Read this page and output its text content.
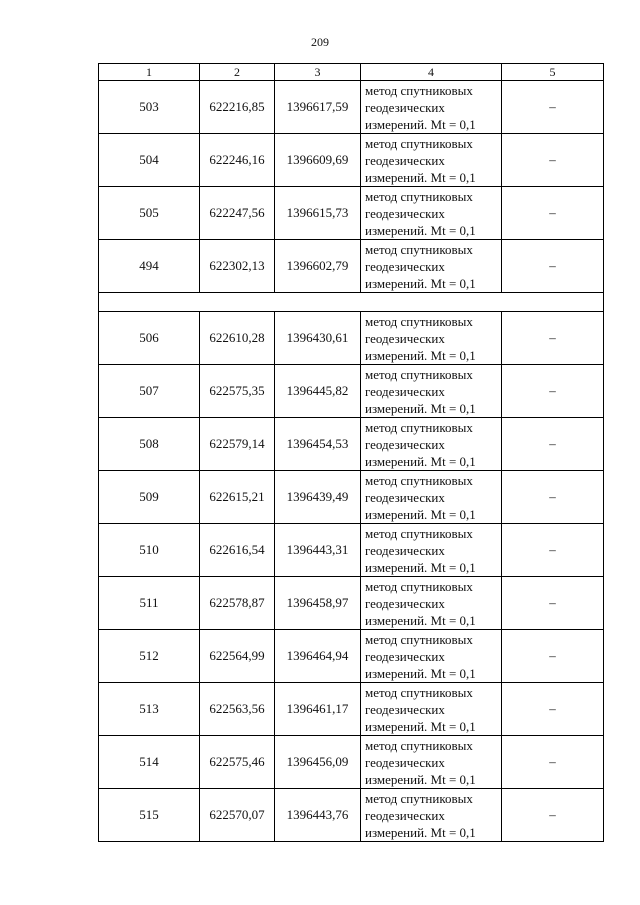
209
1	2	3	4	5
503	622216,85	1396617,59	метод спутниковых геодезических измерений. Mt = 0,1	–
504	622246,16	1396609,69	метод спутниковых геодезических измерений. Mt = 0,1	–
505	622247,56	1396615,73	метод спутниковых геодезических измерений. Mt = 0,1	–
494	622302,13	1396602,79	метод спутниковых геодезических измерений. Mt = 0,1	–

506	622610,28	1396430,61	метод спутниковых геодезических измерений. Mt = 0,1	–
507	622575,35	1396445,82	метод спутниковых геодезических измерений. Mt = 0,1	–
508	622579,14	1396454,53	метод спутниковых геодезических измерений. Mt = 0,1	–
509	622615,21	1396439,49	метод спутниковых геодезических измерений. Mt = 0,1	–
510	622616,54	1396443,31	метод спутниковых геодезических измерений. Mt = 0,1	–
511	622578,87	1396458,97	метод спутниковых геодезических измерений. Mt = 0,1	–
512	622564,99	1396464,94	метод спутниковых геодезических измерений. Mt = 0,1	–
513	622563,56	1396461,17	метод спутниковых геодезических измерений. Mt = 0,1	–
514	622575,46	1396456,09	метод спутниковых геодезических измерений. Mt = 0,1	–
515	622570,07	1396443,76	метод спутниковых геодезических измерений. Mt = 0,1	–
